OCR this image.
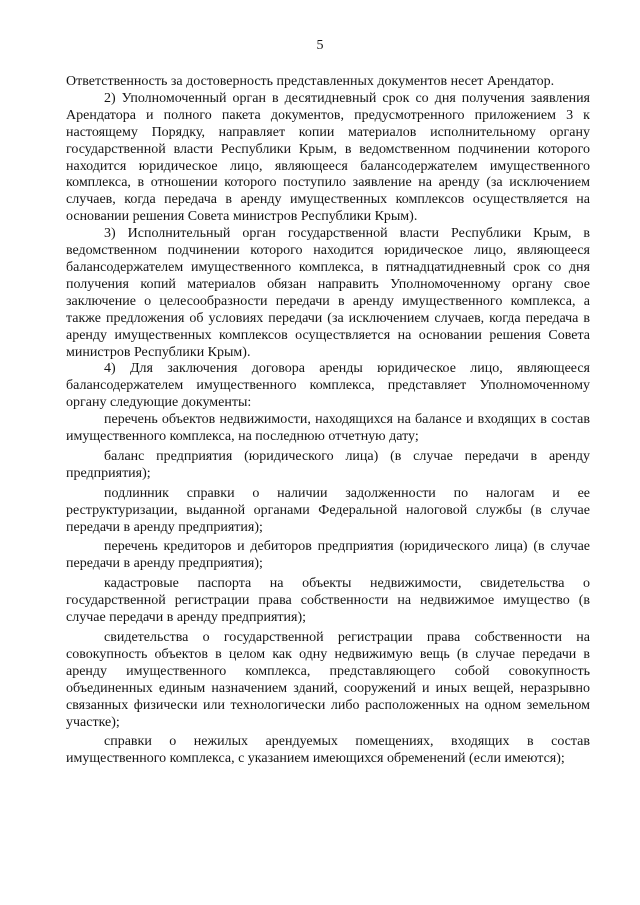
5

Ответственность за достоверность представленных документов несет Арендатор.

2) Уполномоченный орган в десятидневный срок со дня получения заявления Арендатора и полного пакета документов, предусмотренного приложением 3 к настоящему Порядку, направляет копии материалов исполнительному органу государственной власти Республики Крым, в ведомственном подчинении которого находится юридическое лицо, являющееся балансодержателем имущественного комплекса, в отношении которого поступило заявление на аренду (за исключением случаев, когда передача в аренду имущественных комплексов осуществляется на основании решения Совета министров Республики Крым).

3) Исполнительный орган государственной власти Республики Крым, в ведомственном подчинении которого находится юридическое лицо, являющееся балансодержателем имущественного комплекса, в пятнадцатидневный срок со дня получения копий материалов обязан направить Уполномоченному органу свое заключение о целесообразности передачи в аренду имущественного комплекса, а также предложения об условиях передачи (за исключением случаев, когда передача в аренду имущественных комплексов осуществляется на основании решения Совета министров Республики Крым).

4) Для заключения договора аренды юридическое лицо, являющееся балансодержателем имущественного комплекса, представляет Уполномоченному органу следующие документы:

перечень объектов недвижимости, находящихся на балансе и входящих в состав имущественного комплекса, на последнюю отчетную дату;

баланс предприятия (юридического лица) (в случае передачи в аренду предприятия);

подлинник справки о наличии задолженности по налогам и ее реструктуризации, выданной органами Федеральной налоговой службы (в случае передачи в аренду предприятия);

перечень кредиторов и дебиторов предприятия (юридического лица) (в случае передачи в аренду предприятия);

кадастровые паспорта на объекты недвижимости, свидетельства о государственной регистрации права собственности на недвижимое имущество (в случае передачи в аренду предприятия);

свидетельства о государственной регистрации права собственности на совокупность объектов в целом как одну недвижимую вещь (в случае передачи в аренду имущественного комплекса, представляющего собой совокупность объединенных единым назначением зданий, сооружений и иных вещей, неразрывно связанных физически или технологически либо расположенных на одном земельном участке);

справки о нежилых арендуемых помещениях, входящих в состав имущественного комплекса, с указанием имеющихся обременений (если имеются);
